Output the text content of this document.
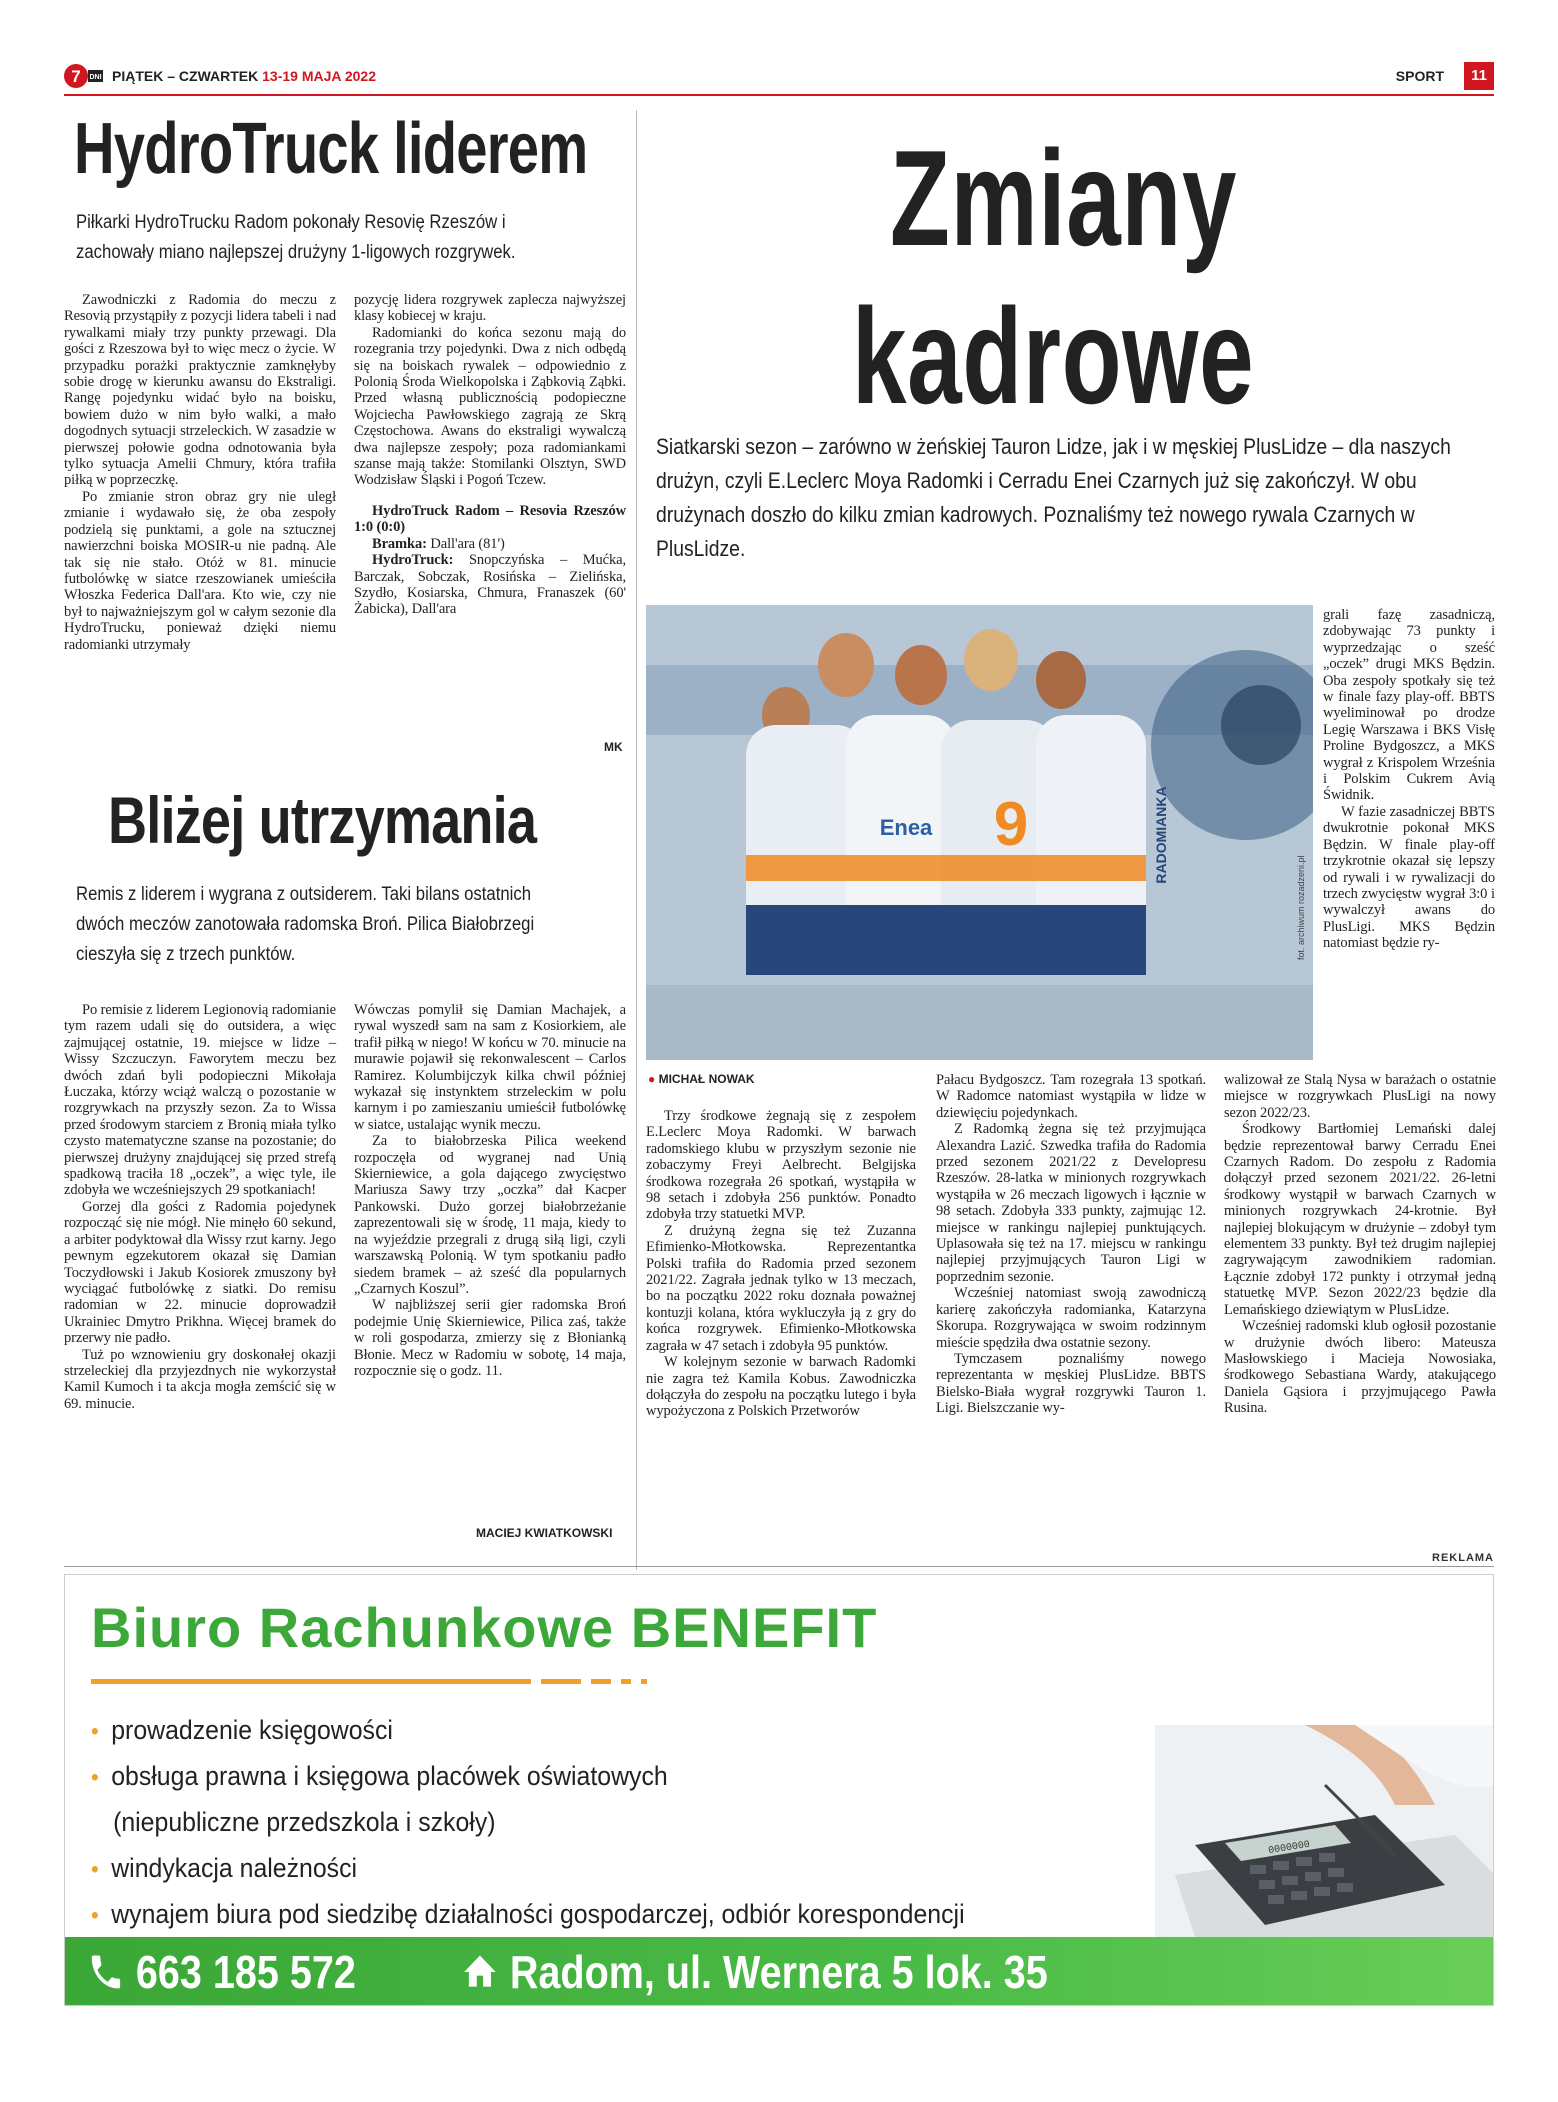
7 DNI PIĄTEK – CZWARTEK 13-19 MAJA 2022	SPORT	11
HydroTruck liderem
Piłkarki HydroTrucku Radom pokonały Resovię Rzeszów i zachowały miano najlepszej drużyny 1-ligowych rozgrywek.

Zawodniczki z Radomia do meczu z Resovią przystąpiły z pozycji lidera tabeli i nad rywalkami miały trzy punkty przewagi. Dla gości z Rzeszowa był to więc mecz o życie. W przypadku porażki praktycznie zamknęłyby sobie drogę w kierunku awansu do Ekstraligi. Rangę pojedynku widać było na boisku, bowiem dużo w nim było walki, a mało dogodnych sytuacji strzeleckich. W zasadzie w pierwszej połowie godna odnotowania była tylko sytuacja Amelii Chmury, która trafiła piłką w poprzeczkę.

Po zmianie stron obraz gry nie uległ zmianie i wydawało się, że oba zespoły podzielą się punktami, a gole na sztucznej nawierzchni boiska MOSIR-u nie padną. Ale tak się nie stało. Otóż w 81. minucie futbolówkę w siatce rzeszowianek umieściła Włoszka Federica Dall'ara. Kto wie, czy nie był to najważniejszym gol w całym sezonie dla HydroTrucku, ponieważ dzięki niemu radomianki utrzymały

pozycję lidera rozgrywek zaplecza najwyższej klasy kobiecej w kraju.

Radomianki do końca sezonu mają do rozegrania trzy pojedynki. Dwa z nich odbędą się na boiskach rywalek – odpowiednio z Polonią Środa Wielkopolska i Ząbkovią Ząbki. Przed własną publicznością podopieczne Wojciecha Pawłowskiego zagrają ze Skrą Częstochowa. Awans do ekstraligi wywalczą dwa najlepsze zespoły; poza radomiankami szanse mają także: Stomilanki Olsztyn, SWD Wodzisław Śląski i Pogoń Tczew.

HydroTruck Radom – Resovia Rzeszów 1:0 (0:0)

Bramka: Dall'ara (81')

HydroTruck: Snopczyńska – Mućka, Barczak, Sobczak, Rosińska – Zielińska, Szydło, Kosiarska, Chmura, Franaszek (60' Żabicka), Dall'ara

MK
Bliżej utrzymania
Remis z liderem i wygrana z outsiderem. Taki bilans ostatnich dwóch meczów zanotowała radomska Broń. Pilica Białobrzegi cieszyła się z trzech punktów.

Po remisie z liderem Legionovią radomianie tym razem udali się do outsidera, a więc zajmującej ostatnie, 19. miejsce w lidze – Wissy Szczuczyn. Faworytem meczu bez dwóch zdań byli podopieczni Mikołaja Łuczaka, którzy wciąż walczą o pozostanie w rozgrywkach na przyszły sezon. Za to Wissa przed środowym starciem z Bronią miała tylko czysto matematyczne szanse na pozostanie; do pierwszej drużyny znajdującej się przed strefą spadkową traciła 18 „oczek”, a więc tyle, ile zdobyła we wcześniejszych 29 spotkaniach!

Gorzej dla gości z Radomia pojedynek rozpocząć się nie mógł. Nie minęło 60 sekund, a arbiter podyktował dla Wissy rzut karny. Jego pewnym egzekutorem okazał się Damian Toczydłowski i Jakub Kosiorek zmuszony był wyciągać futbolówkę z siatki. Do remisu radomian w 22. minucie doprowadził Ukrainiec Dmytro Prikhna. Więcej bramek do przerwy nie padło.

Tuż po wznowieniu gry doskonałej okazji strzeleckiej dla przyjezdnych nie wykorzystał Kamil Kumoch i ta akcja mogła zemścić się w 69. minucie.

Wówczas pomylił się Damian Machajek, a rywal wyszedł sam na sam z Kosiorkiem, ale trafił piłką w niego! W końcu w 70. minucie na murawie pojawił się rekonwalescent – Carlos Ramirez. Kolumbijczyk kilka chwil później wykazał się instynktem strzeleckim w polu karnym i po zamieszaniu umieścił futbolówkę w siatce, ustalając wynik meczu.

Za to białobrzeska Pilica weekend rozpoczęła od wygranej nad Unią Skierniewice, a gola dającego zwycięstwo Mariusza Sawy trzy „oczka” dał Kacper Pankowski. Dużo gorzej białobrzeżanie zaprezentowali się w środę, 11 maja, kiedy to na wyjeździe przegrali z drugą siłą ligi, czyli warszawską Polonią. W tym spotkaniu padło siedem bramek – aż sześć dla popularnych „Czarnych Koszul”.

W najbliższej serii gier radomska Broń podejmie Unię Skierniewice, Pilica zaś, także w roli gospodarza, zmierzy się z Błonianką Błonie. Mecz w Radomiu w sobotę, 14 maja, rozpocznie się o godz. 11.

MACIEJ KWIATKOWSKI
Zmiany
kadrowe
Siatkarski sezon – zarówno w żeńskiej Tauron Lidze, jak i w męskiej PlusLidze – dla naszych drużyn, czyli E.Leclerc Moya Radomki i Cerradu Enei Czarnych już się zakończył. W obu drużynach doszło do kilku zmian kadrowych. Poznaliśmy też nowego rywala Czarnych w PlusLidze.
9
Enea	RADOMIANKA
fot. archiwum rozadzeni.pl

grali fazę zasadniczą, zdobywając 73 punkty i wyprzedzając o sześć „oczek” drugi MKS Będzin. Oba zespoły spotkały się też w finale fazy play-off. BBTS wyeliminował po drodze Legię Warszawa i BKS Visłę Proline Bydgoszcz, a MKS wygrał z Krispolem Września i Polskim Cukrem Avią Świdnik.

W fazie zasadniczej BBTS dwukrotnie pokonał MKS Będzin. W finale play-off trzykrotnie okazał się lepszy od rywali i w rywalizacji do trzech zwycięstw wygrał 3:0 i wywalczył awans do PlusLigi. MKS Będzin natomiast będzie ry-

● MICHAŁ NOWAK

Trzy środkowe żegnają się z zespołem E.Leclerc Moya Radomki. W barwach radomskiego klubu w przyszłym sezonie nie zobaczymy Freyi Aelbrecht. Belgijska środkowa rozegrała 26 spotkań, wystąpiła w 98 setach i zdobyła 256 punktów. Ponadto zdobyła trzy statuetki MVP.

Z drużyną żegna się też Zuzanna Efimienko-Młotkowska. Reprezentantka Polski trafiła do Radomia przed sezonem 2021/22. Zagrała jednak tylko w 13 meczach, bo na początku 2022 roku doznała poważnej kontuzji kolana, która wykluczyła ją z gry do końca rozgrywek. Efimienko-Młotkowska zagrała w 47 setach i zdobyła 95 punktów.

W kolejnym sezonie w barwach Radomki nie zagra też Kamila Kobus. Zawodniczka dołączyła do zespołu na początku lutego i była wypożyczona z Polskich Przetworów

Pałacu Bydgoszcz. Tam rozegrała 13 spotkań. W Radomce natomiast wystąpiła w lidze w dziewięciu pojedynkach.

Z Radomką żegna się też przyjmująca Alexandra Lazić. Szwedka trafiła do Radomia przed sezonem 2021/22 z Developresu Rzeszów. 28-latka w minionych rozgrywkach wystąpiła w 26 meczach ligowych i łącznie w 98 setach. Zdobyła 333 punkty, zajmując 12. miejsce w rankingu najlepiej punktujących. Uplasowała się też na 17. miejscu w rankingu najlepiej przyjmujących Tauron Ligi w poprzednim sezonie.

Wcześniej natomiast swoją zawodniczą karierę zakończyła radomianka, Katarzyna Skorupa. Rozgrywająca w swoim rodzinnym mieście spędziła dwa ostatnie sezony.

Tymczasem poznaliśmy nowego reprezentanta w męskiej PlusLidze. BBTS Bielsko-Biała wygrał rozgrywki Tauron 1. Ligi. Bielszczanie wy-

walizował ze Stalą Nysa w barażach o ostatnie miejsce w rozgrywkach PlusLigi na nowy sezon 2022/23.

Środkowy Bartłomiej Lemański dalej będzie reprezentował barwy Cerradu Enei Czarnych Radom. Do zespołu z Radomia dołączył przed sezonem 2021/22. 26-letni środkowy wystąpił w barwach Czarnych w minionych rozgrywkach 24-krotnie. Był najlepiej blokującym w drużynie – zdobył tym elementem 33 punkty. Był też drugim najlepiej zagrywającym zawodnikiem radomian. Łącznie zdobył 172 punkty i otrzymał jedną statuetkę MVP. Sezon 2022/23 będzie dla Lemańskiego dziewiątym w PlusLidze.

Wcześniej radomski klub ogłosił pozostanie w drużynie dwóch libero: Mateusza Masłowskiego i Macieja Nowosiaka, środkowego Sebastiana Wardy, atakującego Daniela Gąsiora i przyjmującego Pawła Rusina.

REKLAMA
Biuro Rachunkowe BENEFIT
• prowadzenie księgowości
• obsługa prawna i księgowa placówek oświatowych
(niepubliczne przedszkola i szkoły)
• windykacja należności
• wynajem biura pod siedzibę działalności gospodarczej, odbiór korespondencji
0000000
663 185 572	Radom, ul. Wernera 5 lok. 35
